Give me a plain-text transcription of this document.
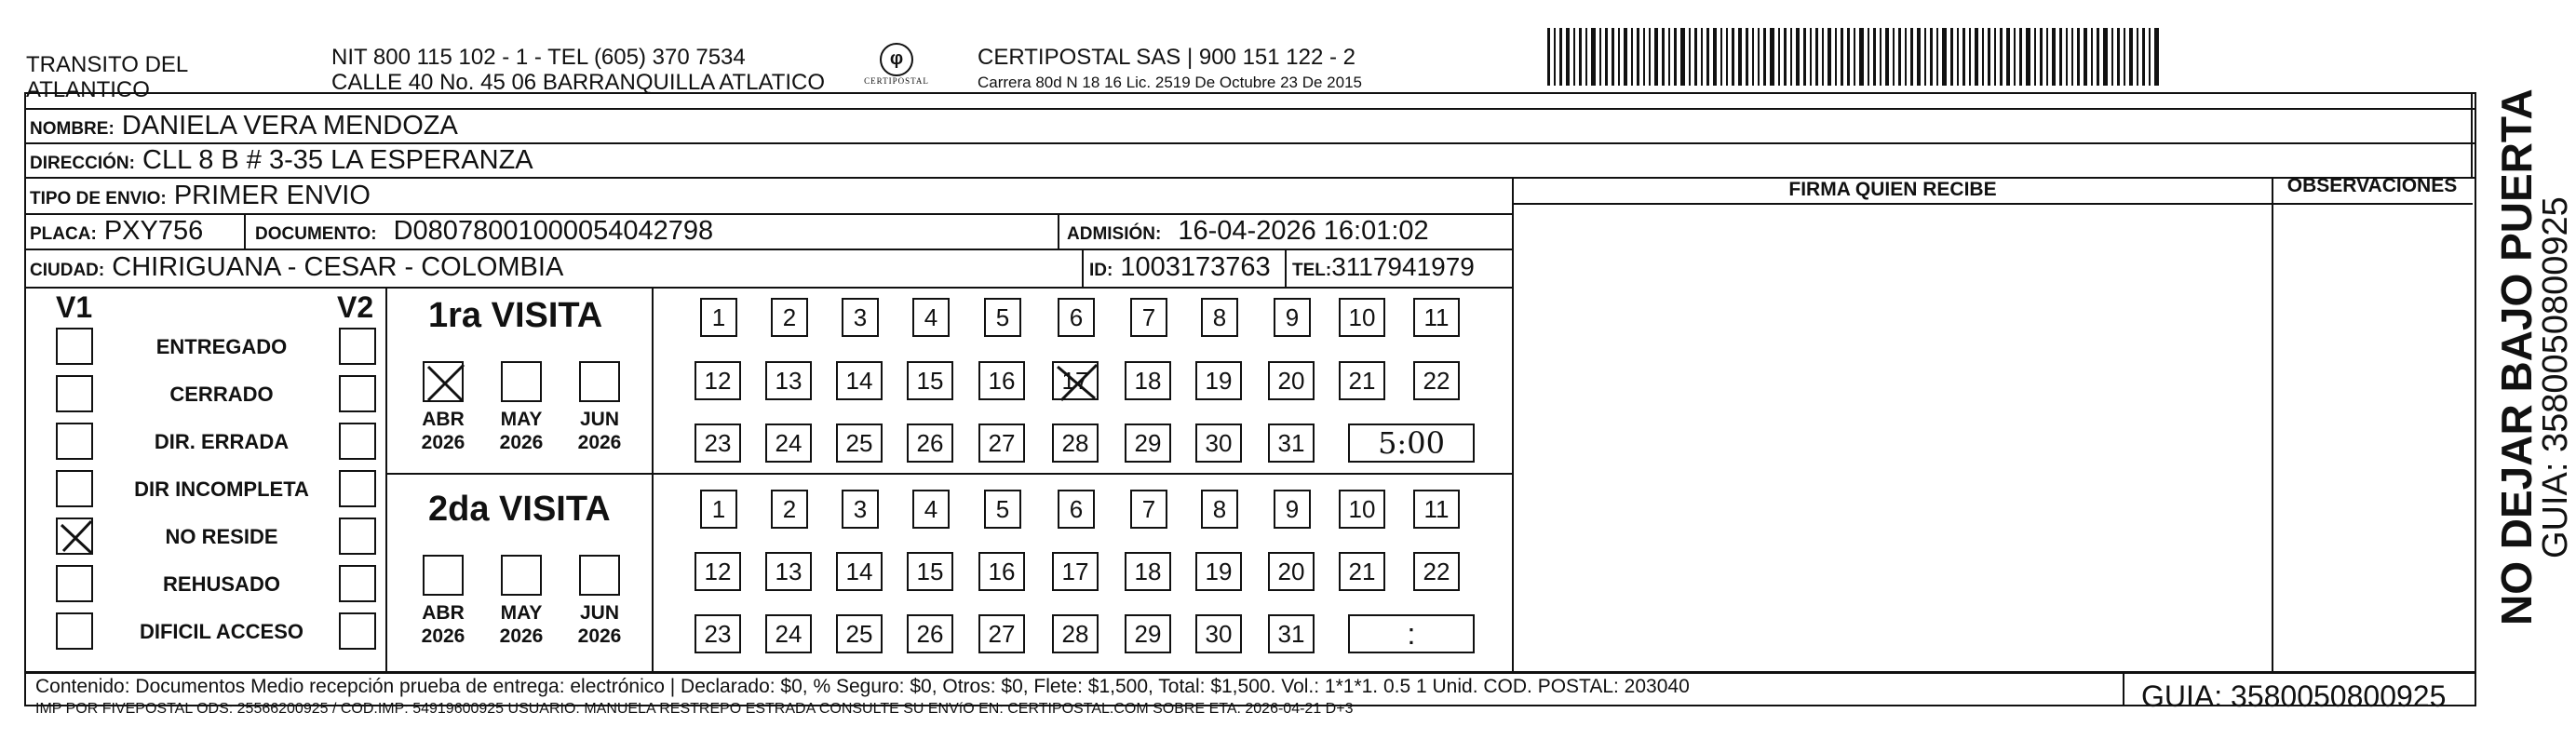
TRANSITO DEL
ATLANTICO
NIT 800 115 102 - 1 - TEL (605) 370 7534
CALLE 40 No. 45 06 BARRANQUILLA ATLATICO
φ
CERTIPOSTAL
CERTIPOSTAL SAS | 900 151 122 - 2
Carrera 80d N 18 16 Lic. 2519 De Octubre 23 De 2015
NOMBRE: DANIELA VERA MENDOZA
DIRECCIÓN: CLL 8 B # 3-35 LA ESPERANZA
TIPO DE ENVIO: PRIMER ENVIO
PLACA: PXY756	DOCUMENTO: D08078001000054042798	ADMISIÓN: 16-04-2026 16:01:02
CIUDAD: CHIRIGUANA - CESAR - COLOMBIA	ID: 1003173763 TEL:3117941979
FIRMA QUIEN RECIBE	OBSERVACIONES
V1	V2
ENTREGADO
CERRADO
DIR. ERRADA
DIR INCOMPLETA
NO RESIDE
REHUSADO
DIFICIL ACCESO
1ra VISITA
ABR
2026
MAY
2026
JUN
2026
1	2	3	4	5	6	7	8	9	10	11
12	13	14	15	16	17	18	19	20	21	22
23	24	25	26	27	28	29	30	31	5:00
2da VISITA
ABR
2026
MAY
2026
JUN
2026
1	2	3	4	5	6	7	8	9	10	11
12	13	14	15	16	17	18	19	20	21	22
23	24	25	26	27	28	29	30	31	:
Contenido: Documentos Medio recepción prueba de entrega: electrónico | Declarado: $0, % Seguro: $0, Otros: $0, Flete: $1,500, Total: $1,500. Vol.: 1*1*1. 0.5 1 Unid. COD. POSTAL: 203040
IMP POR FIVEPOSTAL ODS: 25566200925 / COD.IMP: 54919600925 USUARIO: MANUELA RESTREPO ESTRADA CONSULTE SU ENVíO EN: CERTIPOSTAL.COM SOBRE ETA: 2026-04-21 D+3	GUIA: 3580050800925
NO DEJAR BAJO PUERTA
GUIA: 3580050800925
